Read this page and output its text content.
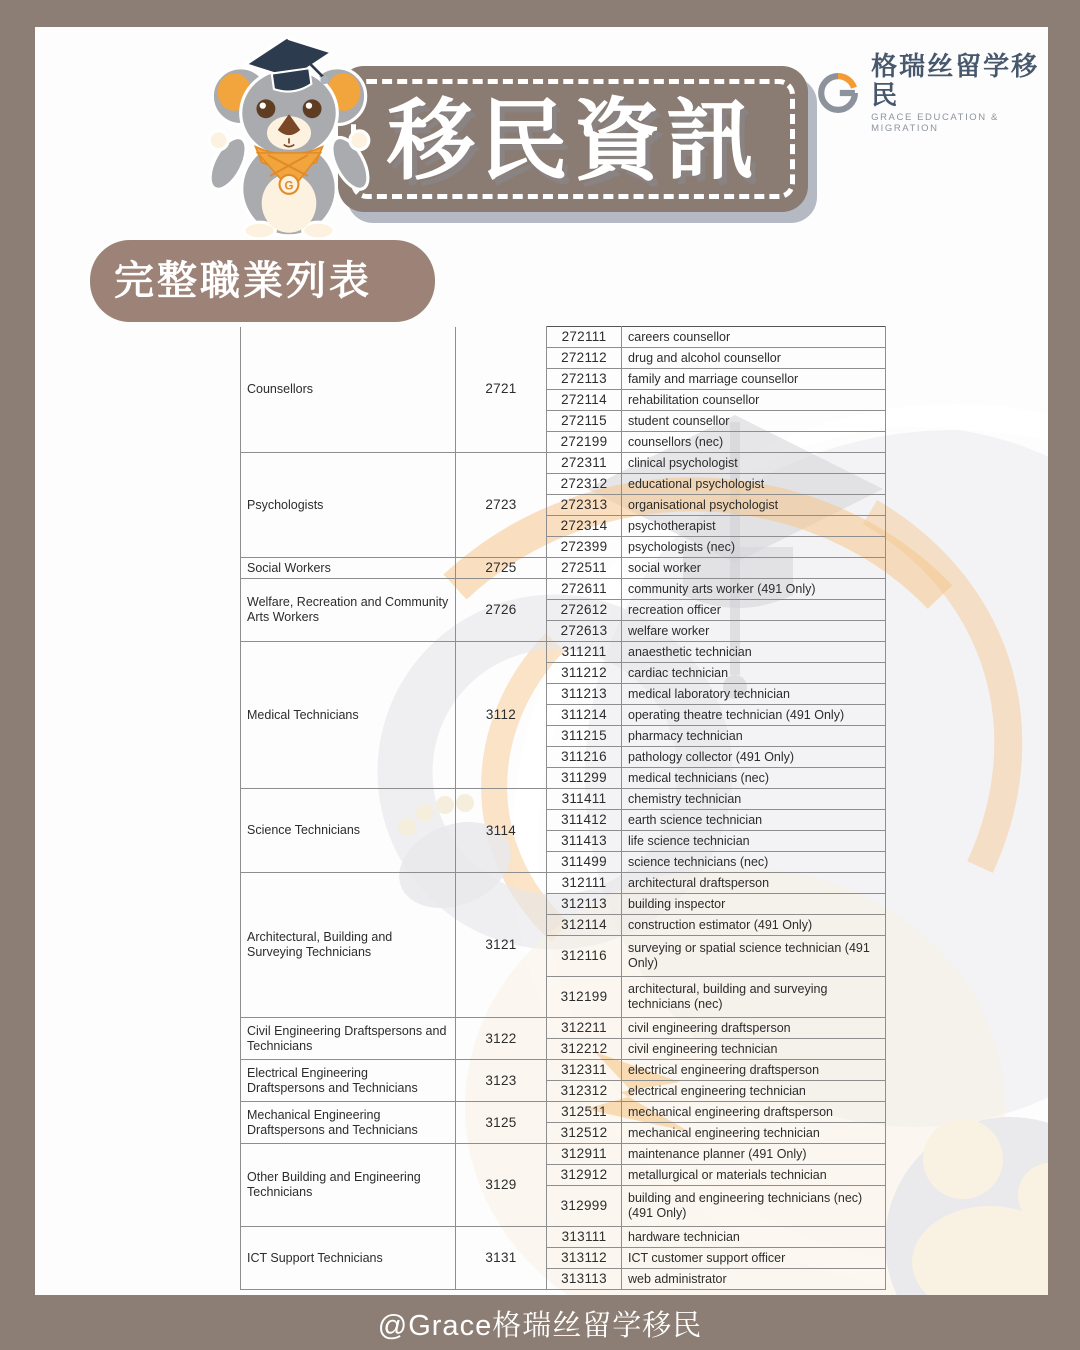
G	移民資訊
格瑞丝留学移民
GRACE EDUCATION & MIGRATION
完整職業列表
Counsellors	2721	272111	careers counsellor
		272112	drug and alcohol counsellor
		272113	family and marriage counsellor
		272114	rehabilitation counsellor
		272115	student counsellor
		272199	counsellors (nec)
Psychologists	2723	272311	clinical psychologist
		272312	educational psychologist
		272313	organisational psychologist
		272314	psychotherapist
		272399	psychologists (nec)
Social Workers	2725	272511	social worker
Welfare, Recreation and Community Arts Workers	2726	272611	community arts worker (491 Only)
		272612	recreation officer
		272613	welfare worker
Medical Technicians	3112	311211	anaesthetic technician
		311212	cardiac technician
		311213	medical laboratory technician
		311214	operating theatre technician (491 Only)
		311215	pharmacy technician
		311216	pathology collector (491 Only)
		311299	medical technicians (nec)
Science Technicians	3114	311411	chemistry technician
		311412	earth science technician
		311413	life science technician
		311499	science technicians (nec)
Architectural, Building and Surveying Technicians	3121	312111	architectural draftsperson
		312113	building inspector
		312114	construction estimator (491 Only)
		312116	surveying or spatial science technician (491 Only)
		312199	architectural, building and surveying technicians (nec)
Civil Engineering Draftspersons and Technicians	3122	312211	civil engineering draftsperson
		312212	civil engineering technician
Electrical Engineering Draftspersons and Technicians	3123	312311	electrical engineering draftsperson
		312312	electrical engineering technician
Mechanical Engineering Draftspersons and Technicians	3125	312511	mechanical engineering draftsperson
		312512	mechanical engineering technician
Other Building and Engineering Technicians	3129	312911	maintenance planner (491 Only)
		312912	metallurgical or materials technician
		312999	building and engineering technicians (nec) (491 Only)
ICT Support Technicians	3131	313111	hardware technician
		313112	ICT customer support officer
		313113	web administrator
@Grace格瑞丝留学移民
